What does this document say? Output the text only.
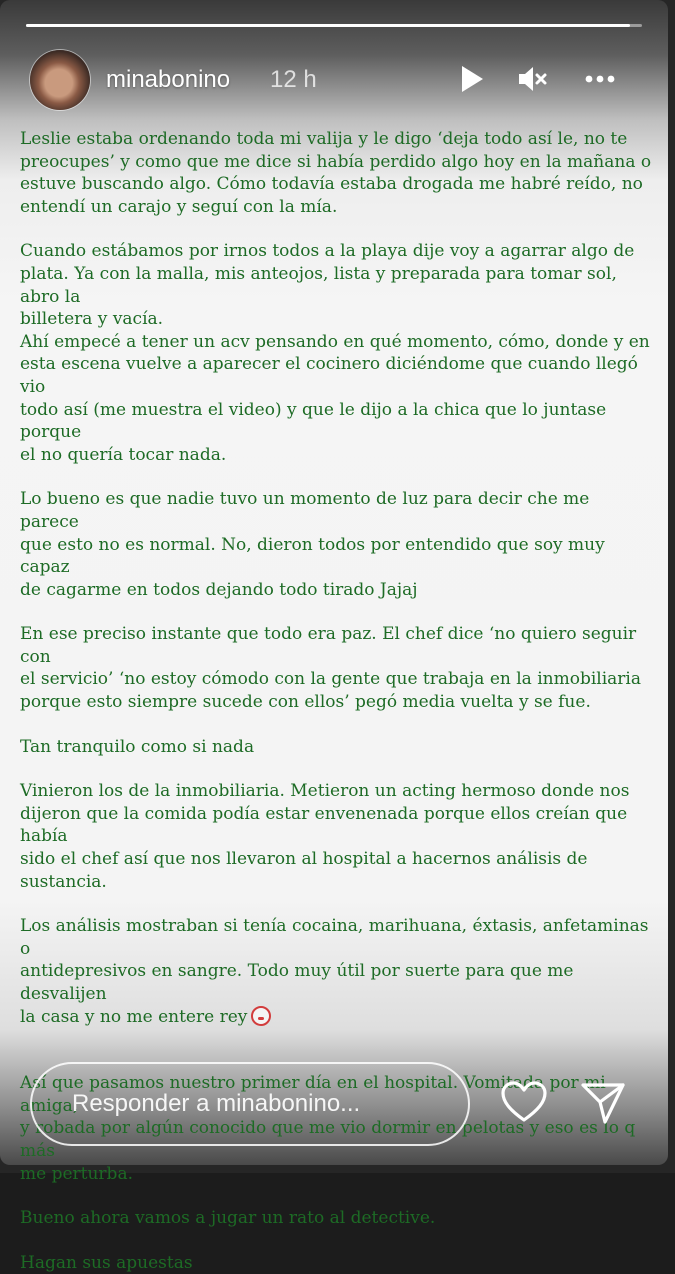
minabonino 12 h

Leslie estaba ordenando toda mi valija y le digo ‘deja todo así le, no te
preocupes’ y como que me dice si había perdido algo hoy en la mañana o
estuve buscando algo. Cómo todavía estaba drogada me habré reído, no
entendí un carajo y seguí con la mía.

Cuando estábamos por irnos todos a la playa dije voy a agarrar algo de
plata. Ya con la malla, mis anteojos, lista y preparada para tomar sol, abro la
billetera y vacía.

Ahí empecé a tener un acv pensando en qué momento, cómo, donde y en
esta escena vuelve a aparecer el cocinero diciéndome que cuando llegó vio
todo así (me muestra el video) y que le dijo a la chica que lo juntase porque
el no quería tocar nada.

Lo bueno es que nadie tuvo un momento de luz para decir che me parece
que esto no es normal. No, dieron todos por entendido que soy muy capaz
de cagarme en todos dejando todo tirado Jajaj

En ese preciso instante que todo era paz. El chef dice ‘no quiero seguir con
el servicio’ ‘no estoy cómodo con la gente que trabaja en la inmobiliaria
porque esto siempre sucede con ellos’ pegó media vuelta y se fue.

Tan tranquilo como si nada

Vinieron los de la inmobiliaria. Metieron un acting hermoso donde nos
dijeron que la comida podía estar envenenada porque ellos creían que había
sido el chef así que nos llevaron al hospital a hacernos análisis de sustancia.

Los análisis mostraban si tenía cocaina, marihuana, éxtasis, anfetaminas o
antidepresivos en sangre. Todo muy útil por suerte para que me desvalijen
la casa y no me entere rey

Así que pasamos nuestro primer día en el hospital. Vomitada por mi amiga,
y robada por algún conocido que me vio dormir en pelotas y eso es lo q más
me perturba.

Bueno ahora vamos a jugar un rato al detective.

Hagan sus apuestas

Responder a minabonino...
